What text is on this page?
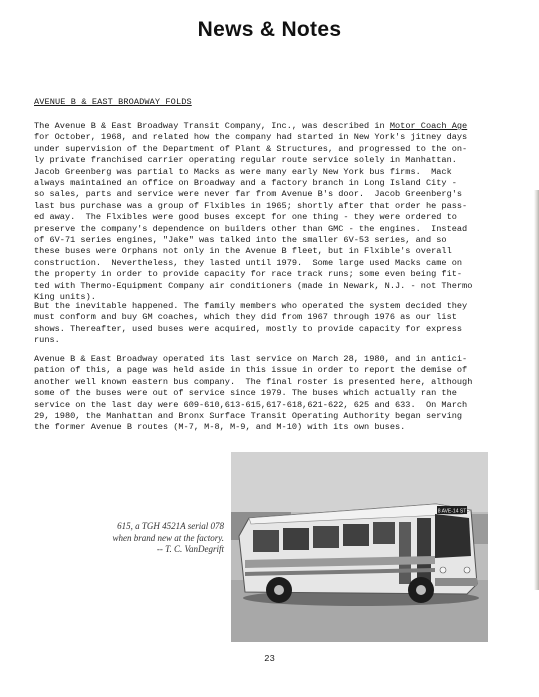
News & Notes
AVENUE B & EAST BROADWAY FOLDS
The Avenue B & East Broadway Transit Company, Inc., was described in Motor Coach Age
for October, 1968, and related how the company had started in New York's jitney days
under supervision of the Department of Plant & Structures, and progressed to the on-
ly private franchised carrier operating regular route service solely in Manhattan.
Jacob Greenberg was partial to Macks as were many early New York bus firms.  Mack
always maintained an office on Broadway and a factory branch in Long Island City -
so sales, parts and service were never far from Avenue B's door.  Jacob Greenberg's
last bus purchase was a group of Flxibles in 1965; shortly after that order he pass-
ed away.  The Flxibles were good buses except for one thing - they were ordered to
preserve the company's dependence on builders other than GMC - the engines.  Instead
of 6V-71 series engines, "Jake" was talked into the smaller 6V-53 series, and so
these buses were Orphans not only in the Avenue B fleet, but in Flxible's overall
construction.  Nevertheless, they lasted until 1979.  Some large used Macks came on
the property in order to provide capacity for race track runs; some even being fit-
ted with Thermo-Equipment Company air conditioners (made in Newark, N.J. - not Thermo
King units).
But the inevitable happened. The family members who operated the system decided they
must conform and buy GM coaches, which they did from 1967 through 1976 as our list
shows. Thereafter, used buses were acquired, mostly to provide capacity for express
runs.
Avenue B & East Broadway operated its last service on March 28, 1980, and in antici-
pation of this, a page was held aside in this issue in order to report the demise of
another well known eastern bus company.  The final roster is presented here, although
some of the buses were out of service since 1979. The buses which actually ran the
service on the last day were 609-610,613-615,617-618,621-622, 625 and 633.  On March
29, 1980, the Manhattan and Bronx Surface Transit Operating Authority began serving
the former Avenue B routes (M-7, M-8, M-9, and M-10) with its own buses.
615, a TGH 4521A serial 078
when brand new at the factory.
-- T. C. VanDegrift
8 AVE-14 ST
23
